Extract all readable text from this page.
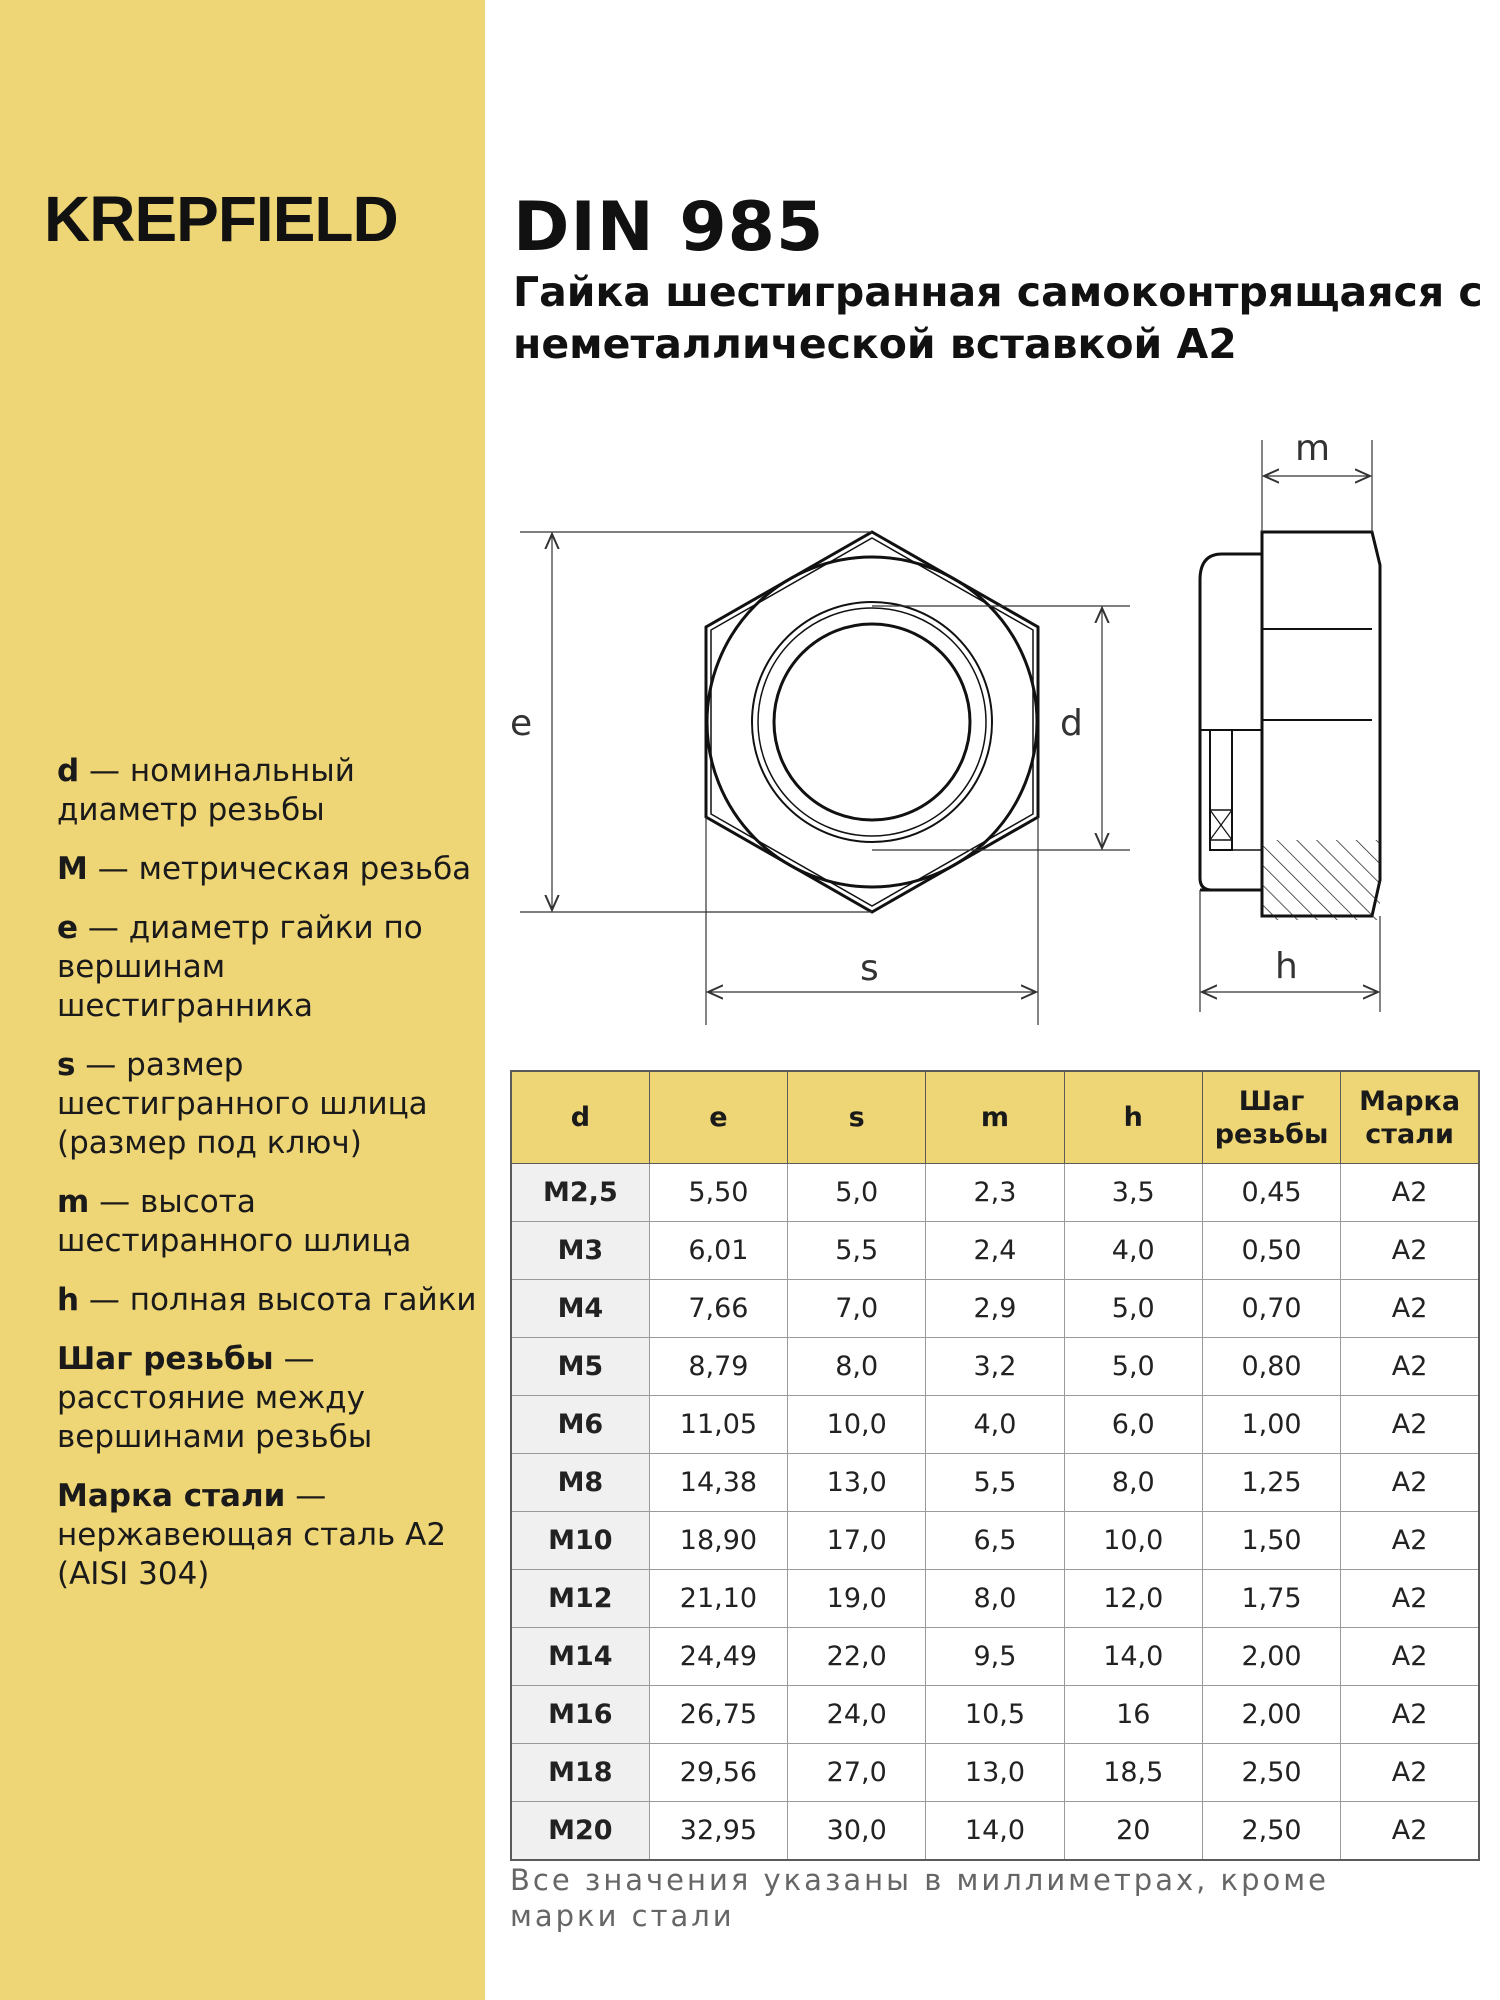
KREPFIELD
d — номинальный диаметр резьбы
M — метрическая резьба
e — диаметр гайки по вершинам шестигранника
s — размер шестигранного шлица (размер под ключ)
m — высота шестиранного шлица
h — полная высота гайки
Шаг резьбы — расстояние между вершинами резьбы
Марка стали — нержавеющая сталь А2 (AISI 304)
DIN 985
Гайка шестигранная самоконтрящаяся с неметаллической вставкой А2
e	d
s
m
h
d	e	s	m	h	Шаг резьбы	Марка стали
M2,5	5,50	5,0	2,3	3,5	0,45	A2
M3	6,01	5,5	2,4	4,0	0,50	A2
M4	7,66	7,0	2,9	5,0	0,70	A2
M5	8,79	8,0	3,2	5,0	0,80	A2
M6	11,05	10,0	4,0	6,0	1,00	A2
M8	14,38	13,0	5,5	8,0	1,25	A2
M10	18,90	17,0	6,5	10,0	1,50	A2
M12	21,10	19,0	8,0	12,0	1,75	A2
M14	24,49	22,0	9,5	14,0	2,00	A2
M16	26,75	24,0	10,5	16	2,00	A2
M18	29,56	27,0	13,0	18,5	2,50	A2
M20	32,95	30,0	14,0	20	2,50	A2
Все значения указаны в миллиметрах, кроме марки стали
